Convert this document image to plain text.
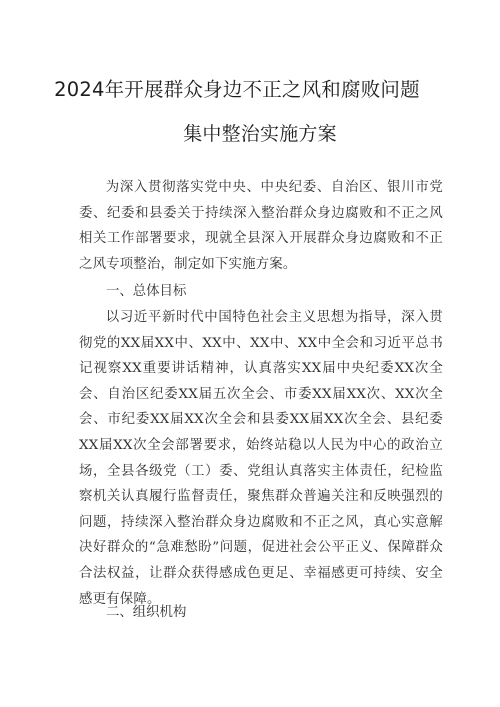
2024年开展群众身边不正之风和腐败问题
集中整治实施方案

为深入贯彻落实党中央、中央纪委、自治区、银川市党委、纪委和县委关于持续深入整治群众身边腐败和不正之风相关工作部署要求，现就全县深入开展群众身边腐败和不正之风专项整治，制定如下实施方案。

一、总体目标

以习近平新时代中国特色社会主义思想为指导，深入贯彻党的XX届XX中、XX中、XX中、XX中全会和习近平总书记视察XX重要讲话精神，认真落实XX届中央纪委XX次全会、自治区纪委XX届五次全会、市委XX届XX次、XX次全会、市纪委XX届XX次全会和县委XX届XX次全会、县纪委XX届XX次全会部署要求，始终站稳以人民为中心的政治立场，全县各级党（工）委、党组认真落实主体责任，纪检监察机关认真履行监督责任，聚焦群众普遍关注和反映强烈的问题，持续深入整治群众身边腐败和不正之风，真心实意解决好群众的“急难愁盼”问题，促进社会公平正义、保障群众合法权益，让群众获得感成色更足、幸福感更可持续、安全感更有保障。

二、组织机构
